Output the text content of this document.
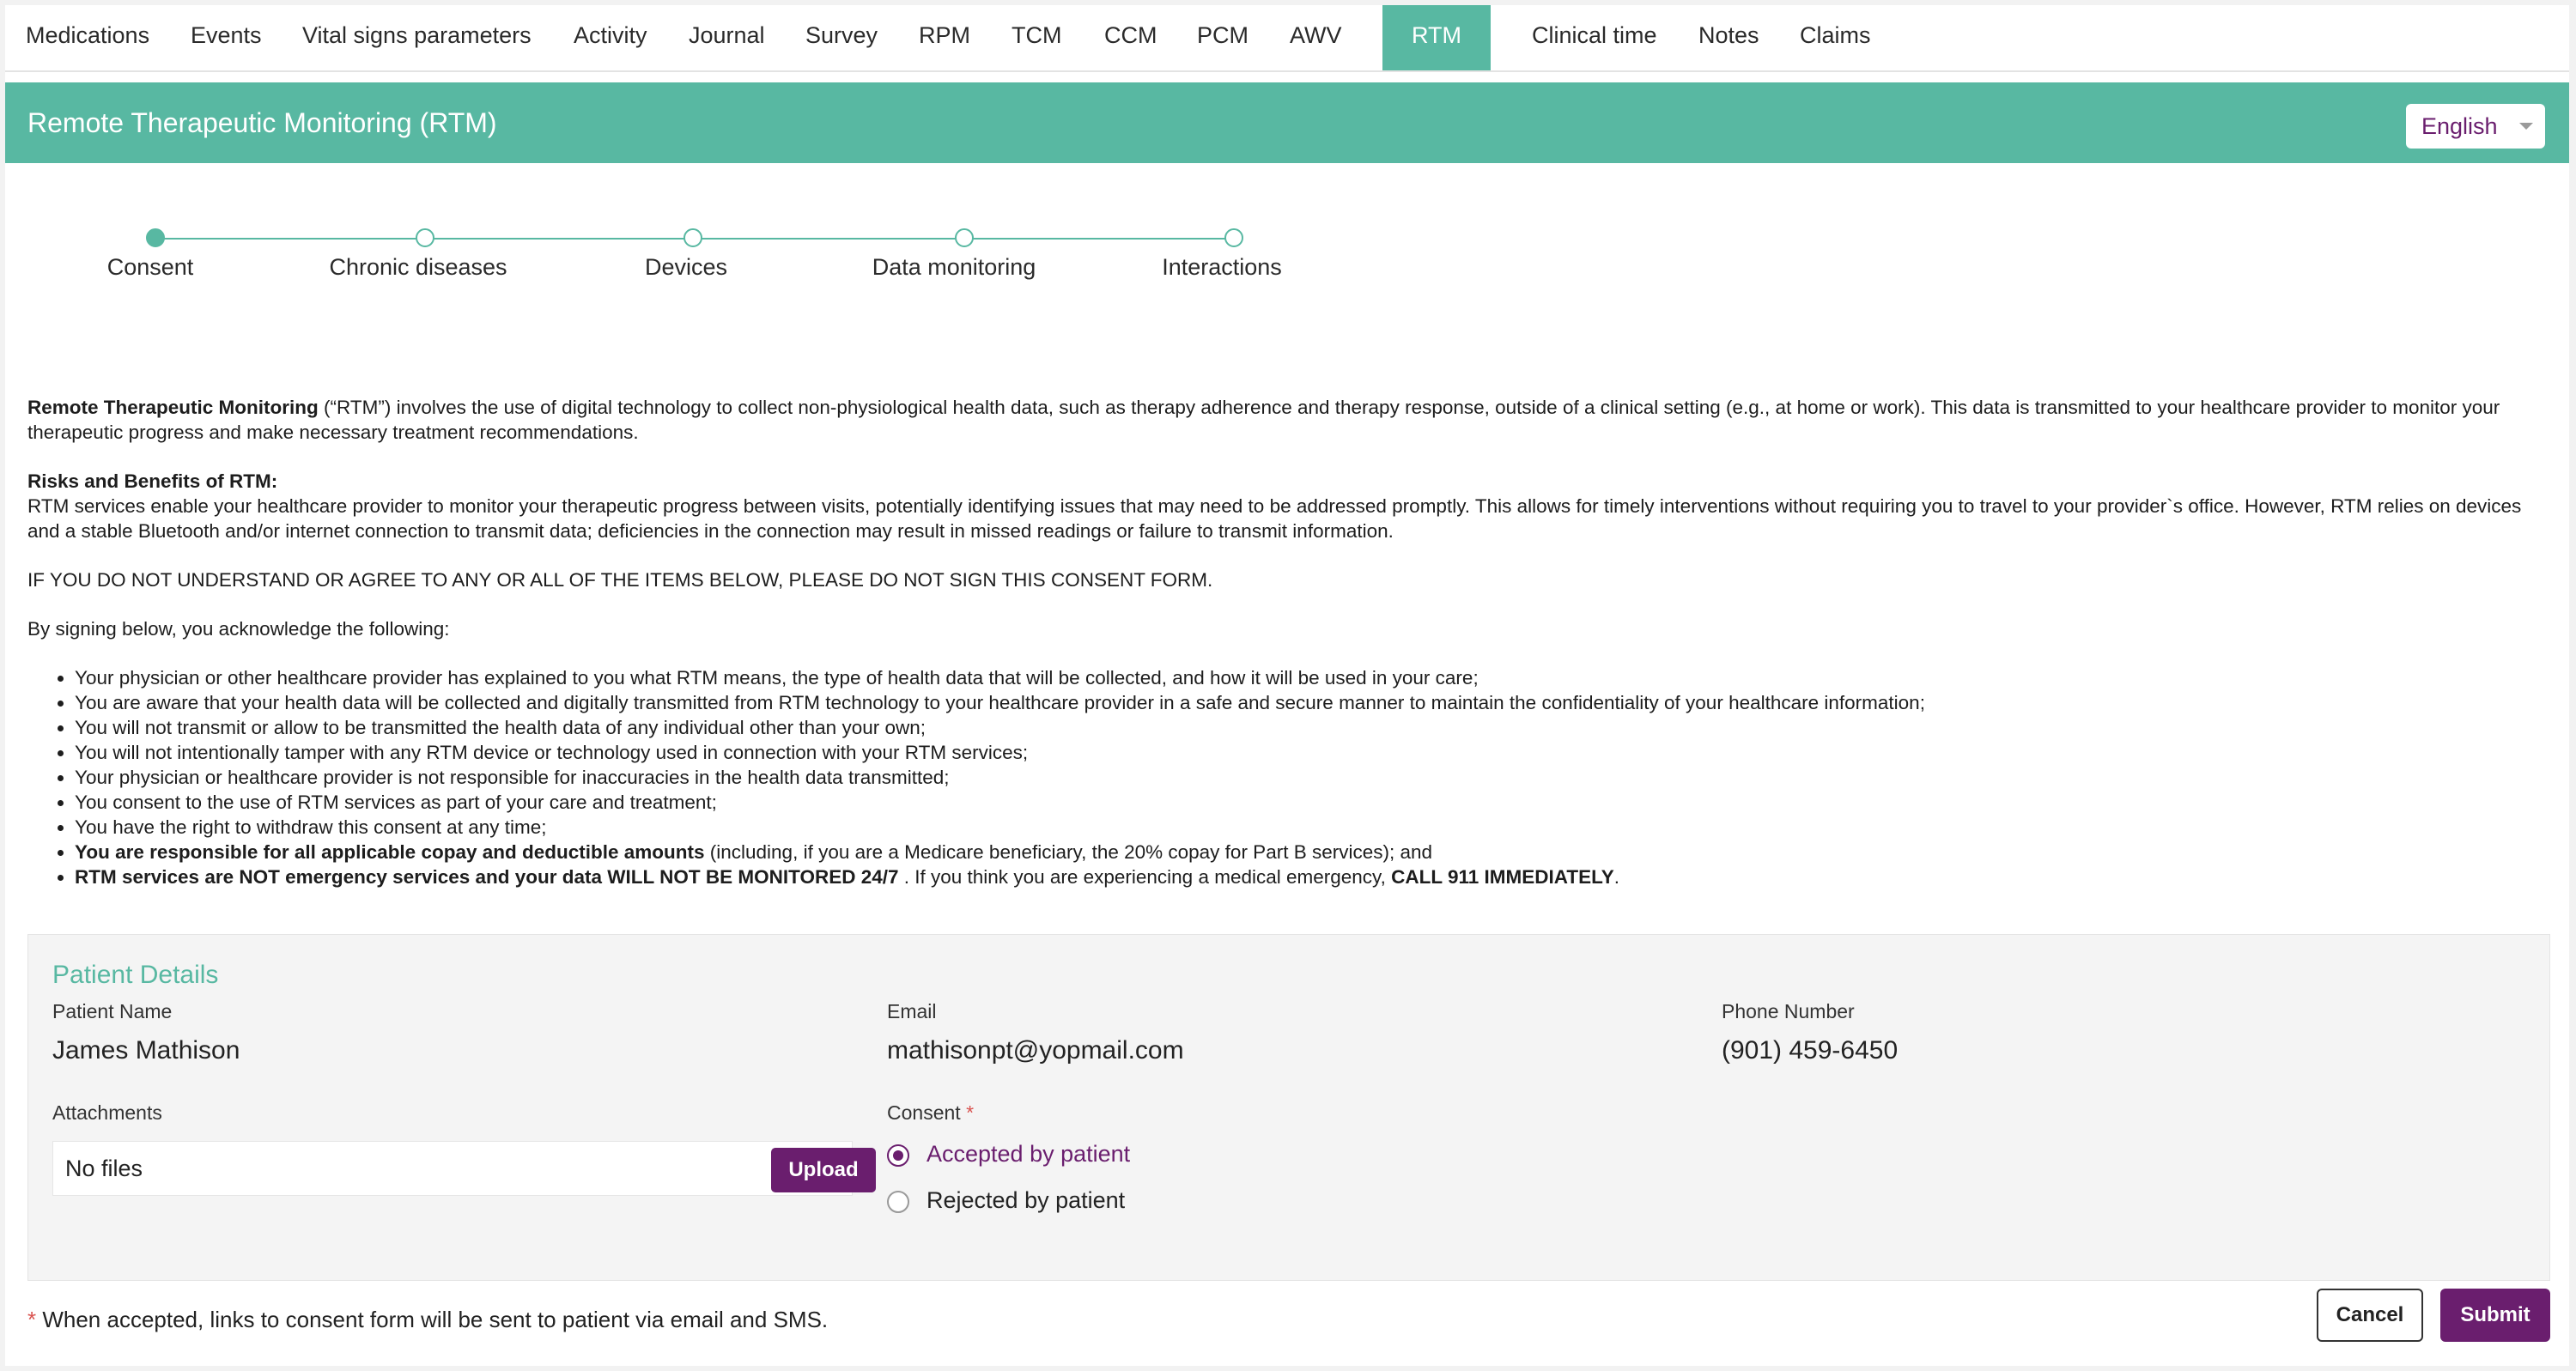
Medications Events Vital signs parameters Activity Journal Survey RPM TCM CCM PCM AWV	RTM	Clinical time Notes Claims
Remote Therapeutic Monitoring (RTM)	English
Consent	Chronic diseases	Devices	Data monitoring	Interactions

Remote Therapeutic Monitoring (“RTM”) involves the use of digital technology to collect non-physiological health data, such as therapy adherence and therapy response, outside of a clinical setting (e.g., at home or work). This data is transmitted to your healthcare provider to monitor your therapeutic progress and make necessary treatment recommendations.

Risks and Benefits of RTM:

RTM services enable your healthcare provider to monitor your therapeutic progress between visits, potentially identifying issues that may need to be addressed promptly. This allows for timely interventions without requiring you to travel to your provider`s office. However, RTM relies on devices and a stable Bluetooth and/or internet connection to transmit data; deficiencies in the connection may result in missed readings or failure to transmit information.

IF YOU DO NOT UNDERSTAND OR AGREE TO ANY OR ALL OF THE ITEMS BELOW, PLEASE DO NOT SIGN THIS CONSENT FORM.

By signing below, you acknowledge the following:

• Your physician or other healthcare provider has explained to you what RTM means, the type of health data that will be collected, and how it will be used in your care;
• You are aware that your health data will be collected and digitally transmitted from RTM technology to your healthcare provider in a safe and secure manner to maintain the confidentiality of your healthcare information;
• You will not transmit or allow to be transmitted the health data of any individual other than your own;
• You will not intentionally tamper with any RTM device or technology used in connection with your RTM services;
• Your physician or healthcare provider is not responsible for inaccuracies in the health data transmitted;
• You consent to the use of RTM services as part of your care and treatment;
• You have the right to withdraw this consent at any time;
• You are responsible for all applicable copay and deductible amounts (including, if you are a Medicare beneficiary, the 20% copay for Part B services); and
• RTM services are NOT emergency services and your data WILL NOT BE MONITORED 24/7 . If you think you are experiencing a medical emergency, CALL 911 IMMEDIATELY.
Patient Details
Patient Name
James Mathison
Email
mathisonpt@yopmail.com
Phone Number
(901) 459-6450
Attachments
No files	Upload
Consent *
Accepted by patient
Rejected by patient
* When accepted, links to consent form will be sent to patient via email and SMS.	Cancel	Submit
